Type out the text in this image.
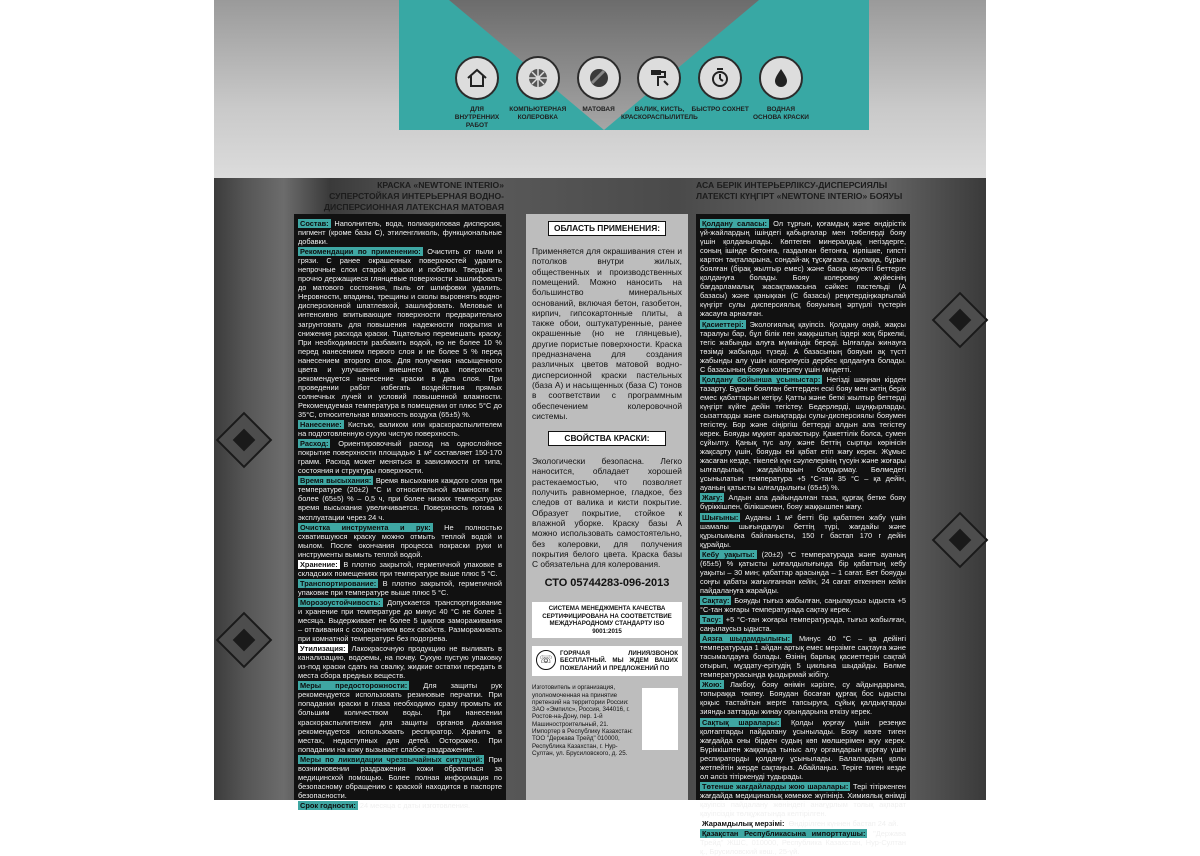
ДЛЯ ВНУТРЕННИХ РАБОТ
КОМПЬЮТЕРНАЯ КОЛЕРОВКА
МАТОВАЯ	ВАЛИК, КИСТЬ, КРАСКОРАСПЫЛИТЕЛЬ
БЫСТРО СОХНЕТ	ВОДНАЯ ОСНОВА КРАСКИ
КРАСКА «NEWTONE INTERIO» СУПЕРСТОЙКАЯ ИНТЕРЬЕРНАЯ ВОДНО-ДИСПЕРСИОННАЯ ЛАТЕКСНАЯ МАТОВАЯ
АСА БЕРІК ИНТЕРЬЕРЛІКСУ-ДИСПЕРСИЯЛЫ ЛАТЕКСТІ КҮҢГІРТ «NEWTONE INTERIO» БОЯУЫ
Состав: Наполнитель, вода, полиакриловая дисперсия, пигмент (кроме базы С), этиленгликоль, функциональные добавки.
Рекомендации по применению: Очистить от пыли и грязи. С ранее окрашенных поверхностей удалить непрочные слои старой краски и побелки. Твердые и прочно держащиеся глянцевые поверхности зашлифовать до матового состояния, пыль от шлифовки удалить. Неровности, впадины, трещины и сколы выровнять водно-дисперсионной шпатлевкой, зашлифовать. Меловые и интенсивно впитывающие поверхности предварительно загрунтовать для повышения надежности покрытия и снижения расхода краски. Тщательно перемешать краску. При необходимости разбавить водой, но не более 10 % перед нанесением первого слоя и не более 5 % перед нанесением второго слоя. Для получения насыщенного цвета и улучшения внешнего вида поверхности рекомендуется нанесение краски в два слоя. При проведении работ избегать воздействия прямых солнечных лучей и условий повышенной влажности. Рекомендуемая температура в помещении от плюс 5°С до 35°С, относительная влажность воздуха (65±5) %.
Нанесение: Кистью, валиком или краскораспылителем на подготовленную сухую чистую поверхность.
Расход: Ориентировочный расход на однослойное покрытие поверхности площадью 1 м² составляет 150-170 грамм. Расход может меняться в зависимости от типа, состояния и структуры поверхности.
Время высыхания: Время высыхания каждого слоя при температуре (20±2) °С и относительной влажности не более (65±5) % – 0,5 ч, при более низких температурах время высыхания увеличивается. Поверхность готова к эксплуатации через 24 ч.
Очистка инструмента и рук: Не полностью схватившуюся краску можно отмыть теплой водой и мылом. После окончания процесса покраски руки и инструменты вымыть теплой водой.
Хранение: В плотно закрытой, герметичной упаковке в складских помещениях при температуре выше плюс 5 °С.
Транспортирование: В плотно закрытой, герметичной упаковке при температуре выше плюс 5 °С.
Морозоустойчивость: Допускается транспортирование и хранение при температуре до минус 40 °С не более 1 месяца. Выдерживает не более 5 циклов замораживания – оттаивания с сохранением всех свойств. Размораживать при комнатной температуре без подогрева.
Утилизация: Лакокрасочную продукцию не выливать в канализацию, водоемы, на почву. Сухую пустую упаковку из-под краски сдать на свалку, жидкие остатки передать в места сбора вредных веществ.
Меры предосторожности: Для защиты рук рекомендуется использовать резиновые перчатки. При попадании краски в глаза необходимо сразу промыть их большим количеством воды. При нанесении краскораспылителем для защиты органов дыхания рекомендуется использовать респиратор. Хранить в местах, недоступных для детей. Осторожно. При попадании на кожу вызывает слабое раздражение.
Меры по ликвидации чрезвычайных ситуаций: При возникновении раздражения кожи обратиться за медицинской помощью. Более полная информация по безопасному обращению с краской находится в паспорте безопасности.
Срок годности: 24 месяца с даты изготовления.
ОБЛАСТЬ ПРИМЕНЕНИЯ:
Применяется для окрашивания стен и потолков внутри жилых, общественных и производственных помещений. Можно наносить на большинство минеральных оснований, включая бетон, газобетон, кирпич, гипсокартонные плиты, а также обои, оштукатуренные, ранее окрашенные (но не глянцевые), другие пористые поверхности. Краска предназначена для создания различных цветов матовой водно-дисперсионной краски пастельных (база А) и насыщенных (база С) тонов в соответствии с программным обеспечением колеровочной системы.
СВОЙСТВА КРАСКИ:
Экологически безопасна. Легко наносится, обладает хорошей растекаемостью, что позволяет получить равномерное, гладкое, без следов от валика и кисти покрытие. Образует покрытие, стойкое к влажной уборке. Краску базы А можно использовать самостоятельно, без колеровки, для получения покрытия белого цвета. Краска базы С обязательна для колерования.
СТО 05744283-096-2013
СИСТЕМА МЕНЕДЖМЕНТА КАЧЕСТВА СЕРТИФИЦИРОВАНА НА СООТВЕТСТВИЕ МЕЖДУНАРОДНОМУ СТАНДАРТУ ISO 9001:2015
☏	ГОРЯЧАЯ ЛИНИЯ/ЗВОНОК БЕСПЛАТНЫЙ. МЫ ЖДЕМ ВАШИХ ПОЖЕЛАНИЙ И ПРЕДЛОЖЕНИЙ ПО
Изготовитель и организация, уполномоченная на принятие претензий на территории России: ЗАО «Эмпилс», Россия, 344016, г. Ростов-на-Дону, пер. 1-й Машиностроительный, 21. Импортер в Республику Казахстан: ТОО "Держава Трейд" 010000, Республика Казахстан, г. Нур-Султан, ул. Брусиловского, д. 25.
Қолдану саласы: Ол тұрғын, қоғамдық және өндірістік үй-жайлардың ішіндегі қабырғалар мен төбелерді бояу үшін қолданылады. Көптеген минералдық негіздерге, соның ішінде бетонға, газдалған бетонға, кірпішке, гипсті картон тақталарына, сондай-ақ тұсқағазға, сылаққа, бұрын боялған (бірақ жылтыр емес) және басқа кеуекті беттерге қолдануға болады. Бояу колеровку жүйесінің бағдарламалық жасақтамасына сәйкес пастельді (А базасы) және қанықкан (С базасы) реңктердіңжарғылай күңгірт сулы дисперсиялық бояуының әртүрлі түстерін жасауға арналған.
Қасиеттері: Экологиялық қауіпсіз. Қолдану оңай, жақсы таралуы бар, бұл білік пен жаққыштың іздері жоқ біркелкі, тегіс жабынды алуға мүмкіндік береді. Ылғалды жинауға төзімді жабынды түзеді. А базасының бояуын ақ түсті жабынды алу үшін колерлеусіз дербес қолдануға болады. С базасының бояуы колерлеу үшін міндетті.
Қолдану бойынша ұсыныстар: Негізді шаңнан кірден тазарту. Бұрын боялған беттерден ескі бояу мен әктің берік емес қабаттарын кетіру. Қатты және беткі жылтыр беттерді күңгірт күйге дейін тегістеу. Бедерлерді, шұңқырларды, сызаттарды және сынықтарды сулы-дисперсиялы бояумен тегістеу. Бор және сіңіргіш беттерді алдын ала тегістеу керек. Бояуды мұқият араластыру. Қажеттілік болса, сумен сұйылту. Қанық түс алу және беттің сыртқы көрінісін жақсарту үшін, бояуды екі қабат етіп жағу керек. Жұмыс жасаған кезде, тікелей күн сәулелерінің түсуін және жоғары ылғалдылық жағдайларын болдырмау. Бөлмедегі ұсынылатын температура +5 °С-тан 35 °С – қа дейін, ауаның қатысты ылғалдылығы (65±5) %.
Жағу: Алдын ала дайындалған таза, құрғақ бетке бояу бүріккішпен, білікшемен, бояу жаққышпен жағу.
Шығыны: Ауданы 1 м² бетті бір қабатпен жабу үшін шамалы шығындалуы беттің түрі, жағдайы және құрылымына байланысты, 150 г бастап 170 г дейін құрайды.
Кебу уақыты: (20±2) °С температурада және ауаның (65±5) % қатысты ылғалдылығында бір қабаттың кебу уақыты – 30 мин; қабаттар арасында – 1 сағат. Бет бояуды соңғы қабаты жағылғаннан кейін, 24 сағат өткеннен кейін пайдалануға жарайды.
Сақтау: Бояуды тығыз жабылған, саңылаусыз ыдыста +5 °С-тан жоғары температурада сақтау керек.
Тасу: +5 °С-тан жоғары температурада, тығыз жабылған, саңылаусыз ыдыста.
Аязға шыдамдылығы: Минус 40 °С – қа дейінгі температурада 1 айдан артық емес мерзімге сақтауға және тасымалдауға болады. Өзінің барлық қасиеттерін сақтай отырып, мұздату-ерітудің 5 циклына шыдайды. Бөлме температурасында қыздырмай жібіту.
Жою: Лакбоу, бояу өнімін кәрізге, су айдындарына, топыраққа төкпеу. Бояудан босаған құрғақ бос ыдысты қоқыс тастайтын жерге тапсыруға, сұйық қалдықтарды зиянды заттарды жинау орындарына өткізу керек.
Сақтық шаралары: Қолды қорғау үшін резеңке қолғаптарды пайдалану ұсынылады. Бояу көзге тиген жағдайда оны бірден судың көп мөлшерімен жуу керек. Бүріккішпен жаққанда тыныс алу органдарын қорғау үшін респираторды қолдану ұсынылады. Балалардың қолы жетпейтін жерде сақтаңыз. Абайлаңыз. Теріге тиген кезде ол әлсіз тітіркенуді тудырады.
Төтенше жағдайларды жою шаралары: Тері тітіркенген жағдайда медициналық көмекке жүгініңіз. Химиялық өнімді қауіпсіз пайдалану жөніндегі анағұрлым толық ақпарат қауіпсіздік төлқұжатында келтірілген.
Жарамдылық мерзімі: Өндірілген күннен бастап 24 ай.
Қазақстан Республикасына импорттаушы: "Держава Трейд" ЖШС, 010000, Республика Казахстан, Нур-Султан қ., Брусиловский көш., 25-үй.
